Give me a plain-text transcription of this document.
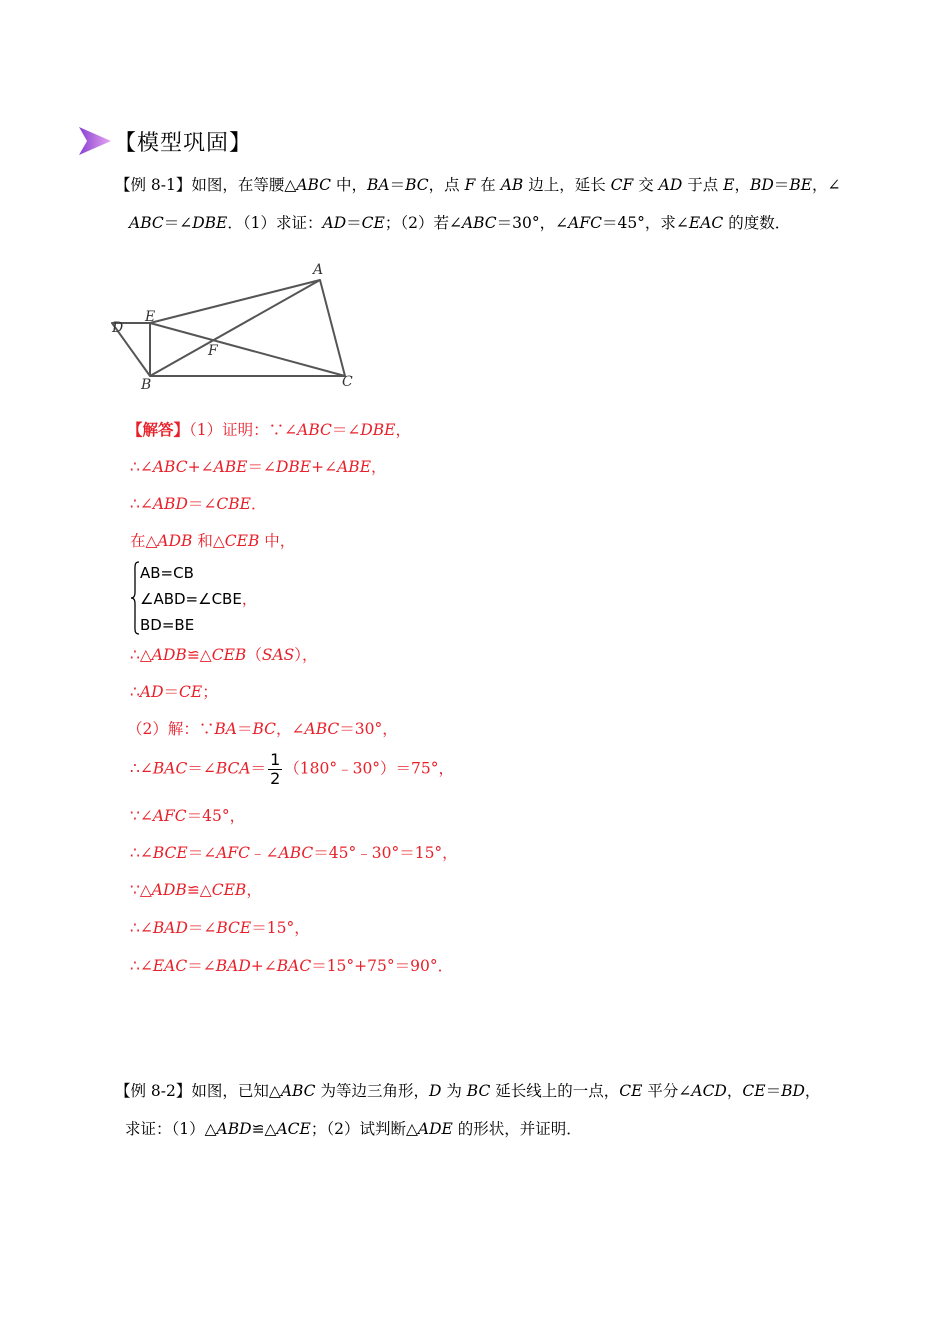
【模型巩固】
【例 8-1】如图，在等腰△ABC 中，BA＝BC，点 F 在 AB 边上，延长 CF 交 AD 于点 E，BD＝BE，∠
ABC＝∠DBE．（1）求证：AD＝CE；（2）若∠ABC＝30°，∠AFC＝45°，求∠EAC 的度数．
A
D
E
F
B	C
【解答】（1）证明：∵∠ABC＝∠DBE，
∴∠ABC+∠ABE＝∠DBE+∠ABE，
∴∠ABD＝∠CBE．
在△ADB 和△CEB 中，
AB=CB
∠ABD=∠CBE，
BD=BE
∴△ADB≌△CEB（SAS），
∴AD＝CE；
（2）解：∵BA＝BC，∠ABC＝30°，
∴∠BAC＝∠BCA＝ $\frac{1}{2}$ （180°﹣30°）＝75°，
∵∠AFC＝45°，
∴∠BCE＝∠AFC﹣∠ABC＝45°﹣30°＝15°，
∵△ADB≌△CEB，
∴∠BAD＝∠BCE＝15°，
∴∠EAC＝∠BAD+∠BAC＝15°+75°＝90°．
【例 8-2】如图，已知△ABC 为等边三角形，D 为 BC 延长线上的一点，CE 平分∠ACD，CE＝BD，
求证：（1）△ABD≌△ACE；（2）试判断△ADE 的形状，并证明．
